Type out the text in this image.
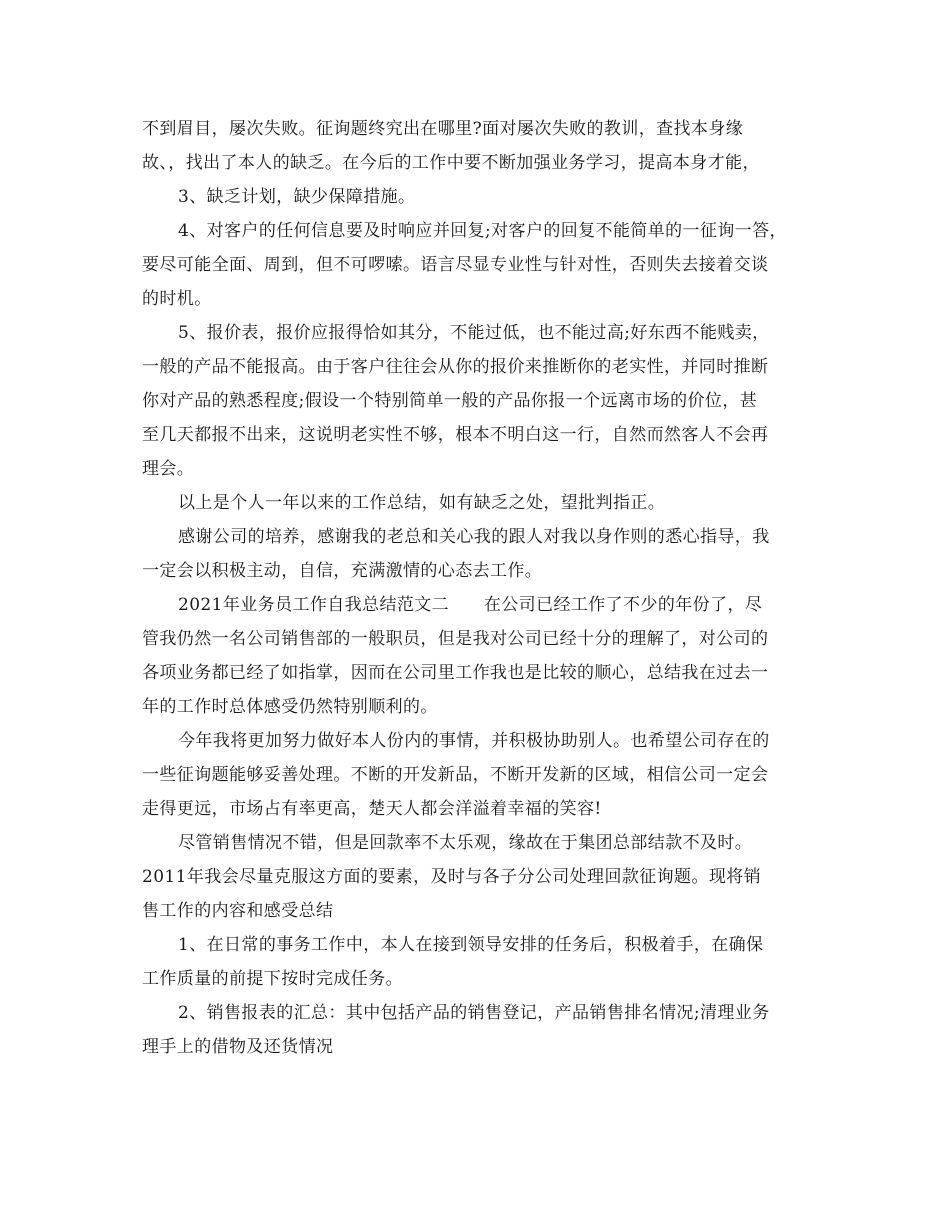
不到眉目，屡次失败。征询题终究出在哪里?面对屡次失败的教训，查找本身缘
故、，找出了本人的缺乏。在今后的工作中要不断加强业务学习，提高本身才能，
3、缺乏计划，缺少保障措施。
4、对客户的任何信息要及时响应并回复;对客户的回复不能简单的一征询一答，
要尽可能全面、周到，但不可啰嗦。语言尽显专业性与针对性，否则失去接着交谈
的时机。
5、报价表，报价应报得恰如其分，不能过低，也不能过高;好东西不能贱卖，
一般的产品不能报高。由于客户往往会从你的报价来推断你的老实性，并同时推断
你对产品的熟悉程度;假设一个特别简单一般的产品你报一个远离市场的价位，甚
至几天都报不出来，这说明老实性不够，根本不明白这一行，自然而然客人不会再
理会。
以上是个人一年以来的工作总结，如有缺乏之处，望批判指正。
感谢公司的培养，感谢我的老总和关心我的跟人对我以身作则的悉心指导，我
一定会以积极主动，自信，充满激情的心态去工作。
2021年业务员工作自我总结范文二　　在公司已经工作了不少的年份了，尽
管我仍然一名公司销售部的一般职员，但是我对公司已经十分的理解了，对公司的
各项业务都已经了如指掌，因而在公司里工作我也是比较的顺心，总结我在过去一
年的工作时总体感受仍然特别顺利的。
今年我将更加努力做好本人份内的事情，并积极协助别人。也希望公司存在的
一些征询题能够妥善处理。不断的开发新品，不断开发新的区域，相信公司一定会
走得更远，市场占有率更高，楚天人都会洋溢着幸福的笑容!
尽管销售情况不错，但是回款率不太乐观，缘故在于集团总部结款不及时。
2011年我会尽量克服这方面的要素，及时与各子分公司处理回款征询题。现将销
售工作的内容和感受总结
1、在日常的事务工作中，本人在接到领导安排的任务后，积极着手，在确保
工作质量的前提下按时完成任务。
2、销售报表的汇总：其中包括产品的销售登记，产品销售排名情况;清理业务
理手上的借物及还货情况
